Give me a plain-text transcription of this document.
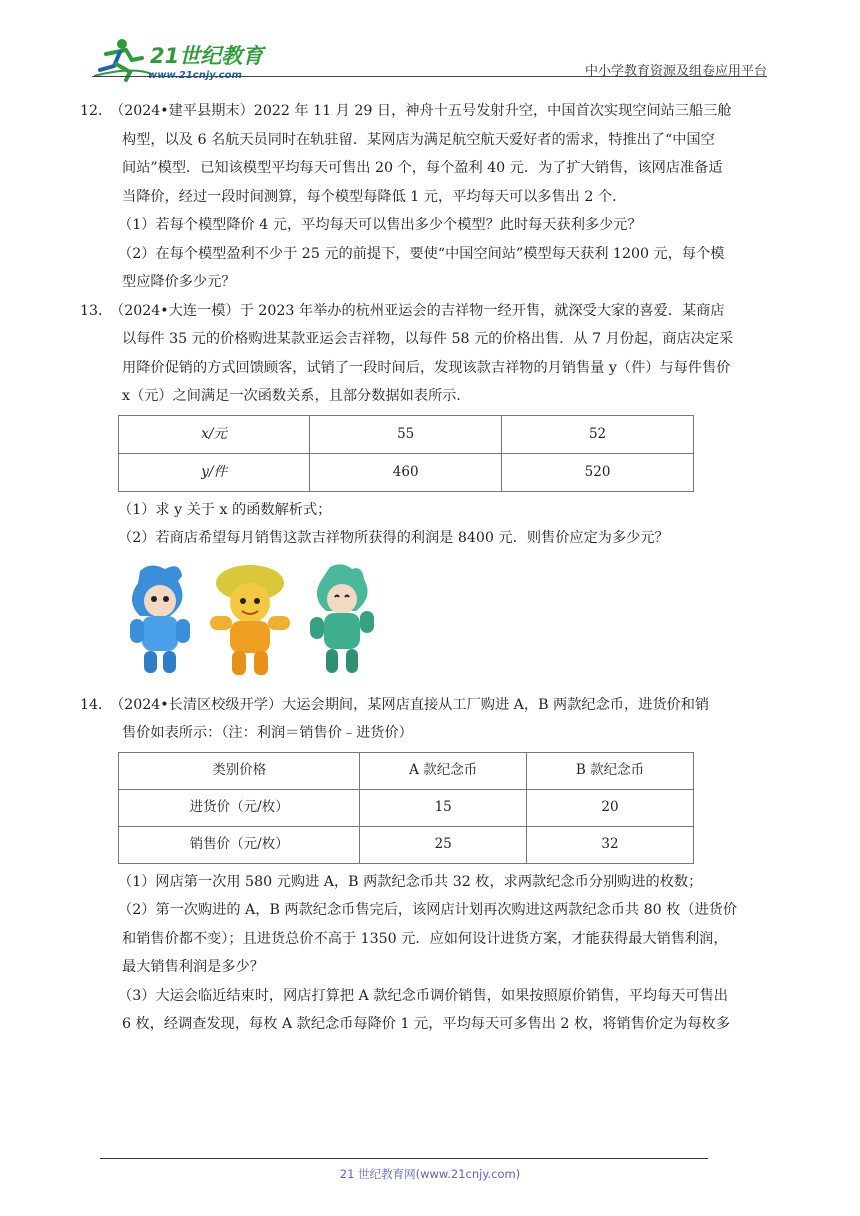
21世纪教育
www.21cnjy.com	中小学教育资源及组卷应用平台

12．（2024•建平县期末）2022 年 11 月 29 日，神舟十五号发射升空，中国首次实现空间站三船三舱

构型，以及 6 名航天员同时在轨驻留．某网店为满足航空航天爱好者的需求，特推出了“中国空

间站”模型．已知该模型平均每天可售出 20 个，每个盈利 40 元．为了扩大销售，该网店准备适

当降价，经过一段时间测算，每个模型每降低 1 元，平均每天可以多售出 2 个．

（1）若每个模型降价 4 元，平均每天可以售出多少个模型？此时每天获利多少元？

（2）在每个模型盈利不少于 25 元的前提下，要使“中国空间站”模型每天获利 1200 元，每个模

型应降价多少元？

13．（2024•大连一模）于 2023 年举办的杭州亚运会的吉祥物一经开售，就深受大家的喜爱．某商店

以每件 35 元的价格购进某款亚运会吉祥物，以每件 58 元的价格出售．从 7 月份起，商店决定采

用降价促销的方式回馈顾客，试销了一段时间后，发现该款吉祥物的月销售量 y（件）与每件售价

x（元）之间满足一次函数关系，且部分数据如表所示．

x/元	55	52
y/件	460	520

（1）求 y 关于 x 的函数解析式；

（2）若商店希望每月销售这款吉祥物所获得的利润是 8400 元．则售价应定为多少元？

14．（2024•长清区校级开学）大运会期间，某网店直接从工厂购进 A，B 两款纪念币，进货价和销

售价如表所示：（注：利润＝销售价﹣进货价）

类别价格	A 款纪念币	B 款纪念币
进货价（元/枚）	15	20
销售价（元/枚）	25	32

（1）网店第一次用 580 元购进 A，B 两款纪念币共 32 枚，求两款纪念币分别购进的枚数；

（2）第一次购进的 A，B 两款纪念币售完后，该网店计划再次购进这两款纪念币共 80 枚（进货价

和销售价都不变）；且进货总价不高于 1350 元．应如何设计进货方案，才能获得最大销售利润，

最大销售利润是多少？

（3）大运会临近结束时，网店打算把 A 款纪念币调价销售，如果按照原价销售，平均每天可售出

6 枚，经调查发现，每枚 A 款纪念币每降价 1 元，平均每天可多售出 2 枚，将销售价定为每枚多

21 世纪教育网(www.21cnjy.com)
